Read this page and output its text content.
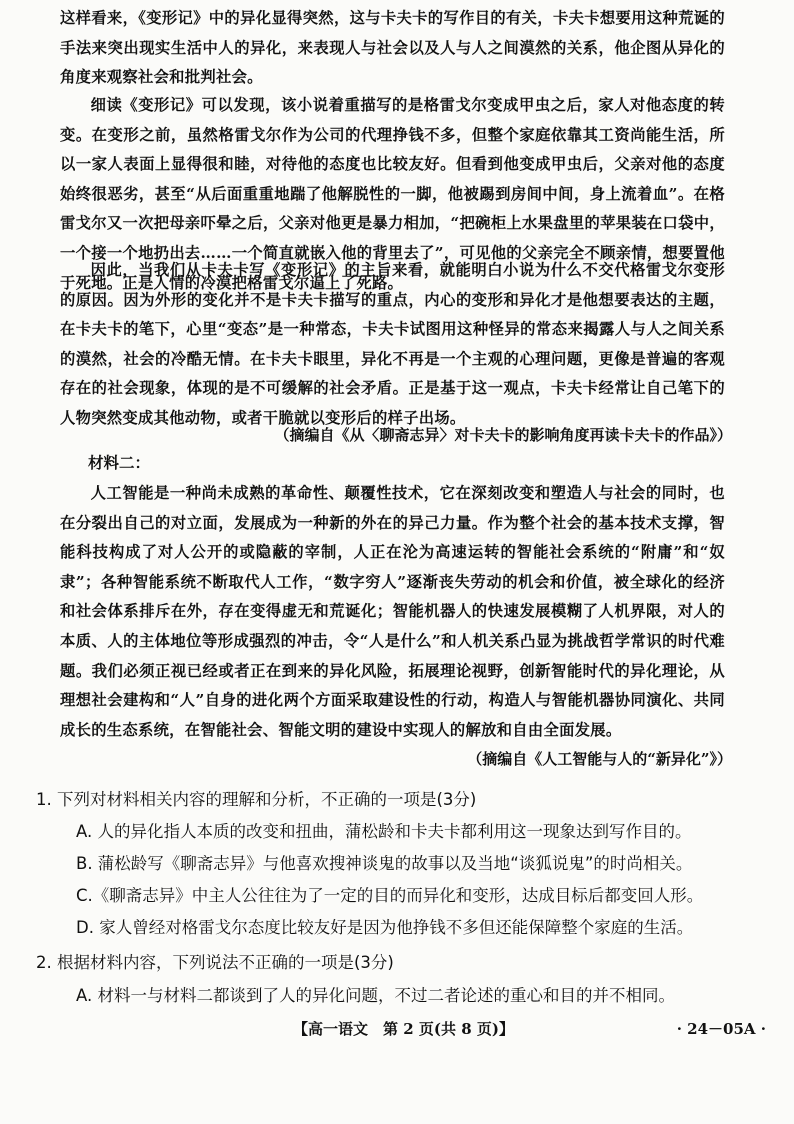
这样看来，《变形记》中的异化显得突然，这与卡夫卡的写作目的有关，卡夫卡想要用这种荒诞的手法来突出现实生活中人的异化，来表现人与社会以及人与人之间漠然的关系，他企图从异化的角度来观察社会和批判社会。

细读《变形记》可以发现，该小说着重描写的是格雷戈尔变成甲虫之后，家人对他态度的转变。在变形之前，虽然格雷戈尔作为公司的代理挣钱不多，但整个家庭依靠其工资尚能生活，所以一家人表面上显得很和睦，对待他的态度也比较友好。但看到他变成甲虫后，父亲对他的态度始终很恶劣，甚至“从后面重重地踹了他解脱性的一脚，他被踢到房间中间，身上流着血”。在格雷戈尔又一次把母亲吓晕之后，父亲对他更是暴力相加，“把碗柜上水果盘里的苹果装在口袋中，一个接一个地扔出去……一个简直就嵌入他的背里去了”，可见他的父亲完全不顾亲情，想要置他于死地。正是人情的冷漠把格雷戈尔逼上了死路。

因此，当我们从卡夫卡写《变形记》的主旨来看，就能明白小说为什么不交代格雷戈尔变形的原因。因为外形的变化并不是卡夫卡描写的重点，内心的变形和异化才是他想要表达的主题，在卡夫卡的笔下，心里“变态”是一种常态，卡夫卡试图用这种怪异的常态来揭露人与人之间关系的漠然，社会的冷酷无情。在卡夫卡眼里，异化不再是一个主观的心理问题，更像是普遍的客观存在的社会现象，体现的是不可缓解的社会矛盾。正是基于这一观点，卡夫卡经常让自己笔下的人物突然变成其他动物，或者干脆就以变形后的样子出场。

（摘编自《从〈聊斋志异〉对卡夫卡的影响角度再读卡夫卡的作品》）

材料二：

人工智能是一种尚未成熟的革命性、颠覆性技术，它在深刻改变和塑造人与社会的同时，也在分裂出自己的对立面，发展成为一种新的外在的异己力量。作为整个社会的基本技术支撑，智能科技构成了对人公开的或隐蔽的宰制，人正在沦为高速运转的智能社会系统的“附庸”和“奴隶”；各种智能系统不断取代人工作，“数字穷人”逐渐丧失劳动的机会和价值，被全球化的经济和社会体系排斥在外，存在变得虚无和荒诞化；智能机器人的快速发展模糊了人机界限，对人的本质、人的主体地位等形成强烈的冲击，令“人是什么”和人机关系凸显为挑战哲学常识的时代难题。我们必须正视已经或者正在到来的异化风险，拓展理论视野，创新智能时代的异化理论，从理想社会建构和“人”自身的进化两个方面采取建设性的行动，构造人与智能机器协同演化、共同成长的生态系统，在智能社会、智能文明的建设中实现人的解放和自由全面发展。

（摘编自《人工智能与人的“新异化”》）

1. 下列对材料相关内容的理解和分析，不正确的一项是(3分)

A. 人的异化指人本质的改变和扭曲，蒲松龄和卡夫卡都利用这一现象达到写作目的。

B. 蒲松龄写《聊斋志异》与他喜欢搜神谈鬼的故事以及当地“谈狐说鬼”的时尚相关。

C.《聊斋志异》中主人公往往为了一定的目的而异化和变形，达成目标后都变回人形。

D. 家人曾经对格雷戈尔态度比较友好是因为他挣钱不多但还能保障整个家庭的生活。

2. 根据材料内容，下列说法不正确的一项是(3分)

A. 材料一与材料二都谈到了人的异化问题，不过二者论述的重心和目的并不相同。

【高一语文　第 2 页(共 8 页)】	· 24－05A ·
